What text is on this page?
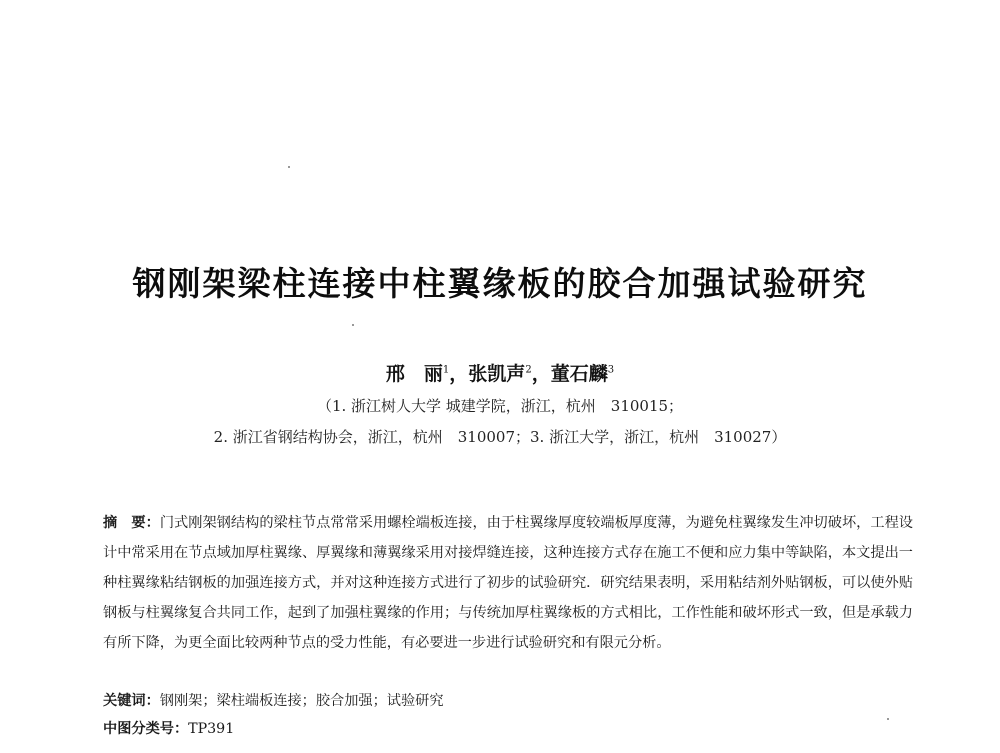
钢刚架梁柱连接中柱翼缘板的胶合加强试验研究
邢　丽$^1$，张凯声$^2$，董石麟$^3$
（1. 浙江树人大学 城建学院，浙江，杭州　310015；
2. 浙江省钢结构协会，浙江，杭州　310007；3. 浙江大学，浙江，杭州　310027）
摘　要：门式刚架钢结构的梁柱节点常常采用螺栓端板连接，由于柱翼缘厚度较端板厚度薄，为避免柱翼缘发生冲切破坏，工程设计中常采用在节点域加厚柱翼缘、厚翼缘和薄翼缘采用对接焊缝连接，这种连接方式存在施工不便和应力集中等缺陷，本文提出一种柱翼缘粘结钢板的加强连接方式，并对这种连接方式进行了初步的试验研究．研究结果表明，采用粘结剂外贴钢板，可以使外贴钢板与柱翼缘复合共同工作，起到了加强柱翼缘的作用；与传统加厚柱翼缘板的方式相比，工作性能和破坏形式一致，但是承载力有所下降，为更全面比较两种节点的受力性能，有必要进一步进行试验研究和有限元分析。
关键词：钢刚架；梁柱端板连接；胶合加强；试验研究
中图分类号：TP391
